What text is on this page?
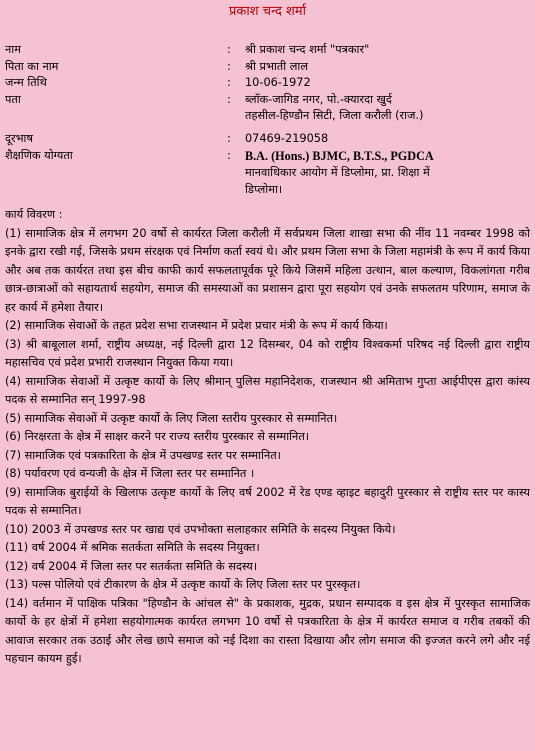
प्रकाश चन्द शर्मा
नाम	:	श्री प्रकाश चन्द शर्मा "पत्रकार"
पिता का नाम	:	श्री प्रभाती लाल
जन्म तिथि	:	10-06-1972
पता	:	ब्लॉक-जागिड नगर, पो.-क्यारदा खुर्द
तहसील-हिण्डौन सिटी, जिला करौली (राज.)
दूरभाष	:	07469-219058
शैक्षणिक योग्यता	:	B.A. (Hons.) BJMC, B.T.S., PGDCA
मानवाधिकार आयोग में डिप्लोमा, प्रा. शिक्षा में
डिप्लोमा।

कार्य विवरण :

(1) सामाजिक क्षेत्र में लगभग 20 वर्षो से कार्यरत जिला करौली में सर्वप्रथम जिला शाखा सभा की नींव 11 नवम्बर 1998 को इनके द्वारा रखी गई, जिसके प्रथम संरक्षक एवं निर्माण कर्ता स्वयं थे। और प्रथम जिला सभा के जिला महामंत्री के रूप में कार्य किया और अब तक कार्यरत तथा इस बीच काफी कार्य सफलतापूर्वक पूरे किये जिसमें महिला उत्थान, बाल कल्याण, विकलांगता गरीब छात्र-छात्राओं को सहायतार्थ सहयोग, समाज की समस्याओं का प्रशासन द्वारा पूरा सहयोग एवं उनके सफलतम परिणाम, समाज के हर कार्य में हमेशा तैयार।

(2) सामाजिक सेवाओं के तहत प्रदेश सभा राजस्थान में प्रदेश प्रचार मंत्री के रूप में कार्य किया।

(3) श्री बाबूलाल शर्मा, राष्ट्रीय अध्यक्ष, नई दिल्ली द्वारा 12 दिसम्बर, 04 को राष्ट्रीय विश्वकर्मा परिषद नई दिल्ली द्वारा राष्ट्रीय महासचिव एवं प्रदेश प्रभारी राजस्थान नियुक्त किया गया।

(4) सामाजिक सेवाओं में उत्कृष्ट कार्यो के लिए श्रीमान् पुलिस महानिदेशक, राजस्थान श्री अमिताभ गुप्ता आईपीएस द्वारा कांस्य पदक से सम्मानित सन् 1997-98

(5) सामाजिक सेवाओं में उत्कृष्ट कार्यो के लिए जिला स्तरीय पुरस्कार से सम्मानित।

(6) निरक्षरता के क्षेत्र में साक्षर करने पर राज्य स्तरीय पुरस्कार से सम्मानित।

(7) सामाजिक एवं पत्रकारिता के क्षेत्र में उपखण्ड स्तर पर सम्मानित।

(8) पर्यावरण एवं वन्यजी के क्षेत्र में जिला स्तर पर सम्मानित ।

(9) सामाजिक बुराईयों के खिलाफ उत्कृष्ट कार्यो के लिए वर्ष 2002 में रेड एण्ड व्हाइट बहादुरी पुरस्कार से राष्ट्रीय स्तर पर कास्य पदक से सम्मानित।

(10) 2003 में उपखण्ड स्तर पर खाद्य एवं उपभोक्ता सलाहकार समिति के सदस्य नियुक्त किये।

(11) वर्ष 2004 में श्रमिक सतर्कता समिति के सदस्य नियुक्त।

(12) वर्ष 2004 में जिला स्तर पर सतर्कता समिति के सदस्य।

(13) पल्स पोलियो एवं टीकारण के क्षेत्र में उत्कृष्ट कार्यो के लिए जिला स्तर पर पुरस्कृत।

(14) वर्तमान में पाक्षिक पत्रिका "हिण्डौन के आंचल से" के प्रकाशक, मुद्रक, प्रधान सम्पादक व इस क्षेत्र में पुरस्कृत सामाजिक कार्यो के हर क्षेत्रों में हमेशा सहयोगात्मक कार्यरत लगभग 10 वर्षो से पत्रकारिता के क्षेत्र में कार्यरत समाज व गरीब तबकों की आवाज सरकार तक उठाई और लेख छापे समाज को नई दिशा का रास्ता दिखाया और लोग समाज की इज्जत करने लगे और नई पहचान कायम हुई।
